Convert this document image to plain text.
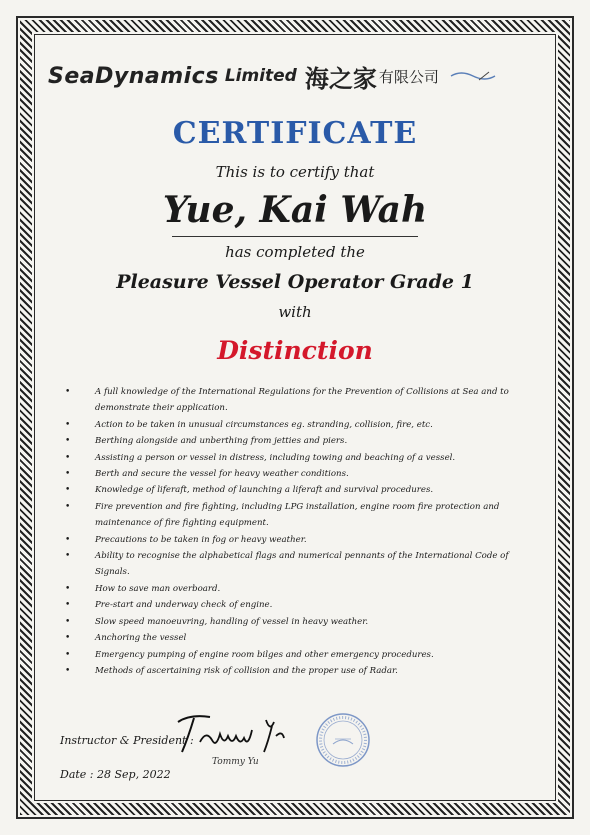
SeaDynamics Limited 海之家 有限公司
CERTIFICATE
This is to certify that
Yue, Kai Wah
has completed the
Pleasure Vessel Operator Grade 1
with
Distinction
•	A full knowledge of the International Regulations for the Prevention of Collisions at Sea and to demonstrate their application.
•	Action to be taken in unusual circumstances eg. stranding, collision, fire, etc.
•	Berthing alongside and unberthing from jetties and piers.
•	Assisting a person or vessel in distress, including towing and beaching of a vessel.
•	Berth and secure the vessel for heavy weather conditions.
•	Knowledge of liferaft, method of launching a liferaft and survival procedures.
•	Fire prevention and fire fighting, including LPG installation, engine room fire protection and maintenance of fire fighting equipment.
•	Precautions to be taken in fog or heavy weather.
•	Ability to recognise the alphabetical flags and numerical pennants of the International Code of Signals.
•	How to save man overboard.
•	Pre-start and underway check of engine.
•	Slow speed manoeuvring, handling of vessel in heavy weather.
•	Anchoring the vessel
•	Emergency pumping of engine room bilges and other emergency procedures.
•	Methods of ascertaining risk of collision and the proper use of Radar.
Instructor & President :
Tommy Yu
Date : 28 Sep, 2022
